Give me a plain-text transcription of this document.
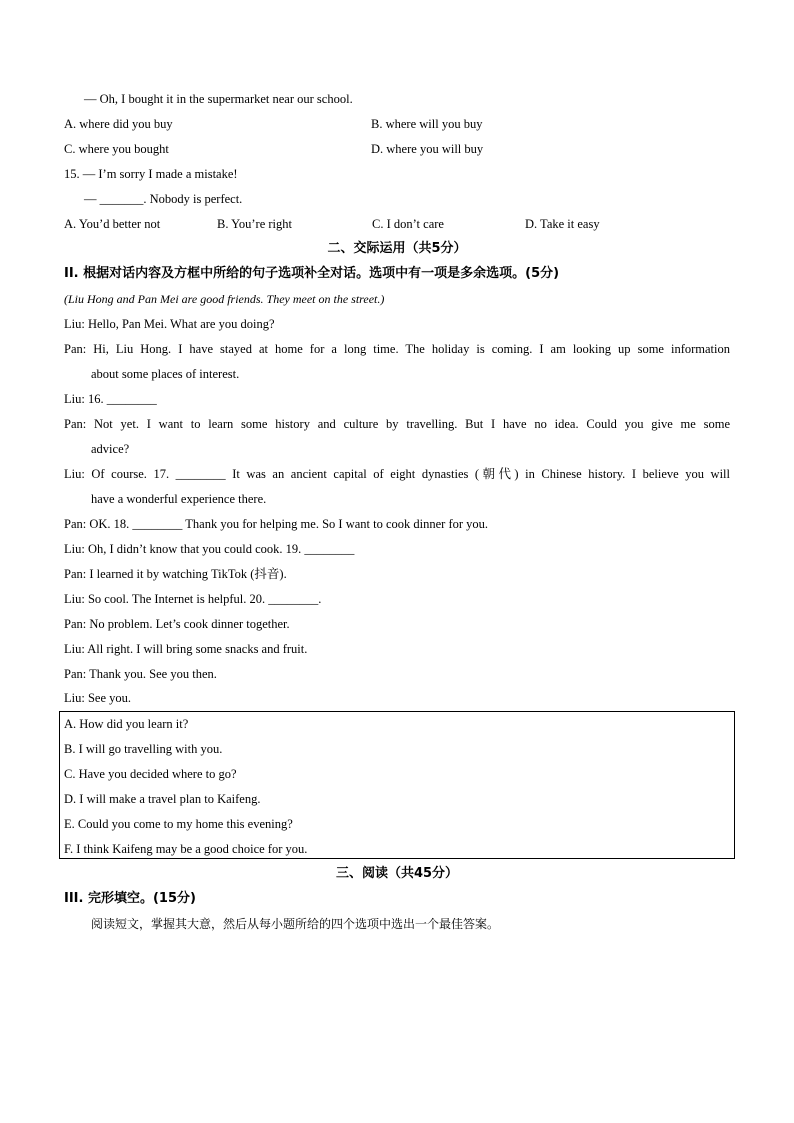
— Oh, I bought it in the supermarket near our school.
A. where did you buy	B. where will you buy
C. where you bought	D. where you will buy
15. — I’m sorry I made a mistake!
— _______. Nobody is perfect.
A. You’d better not	B. You’re right	C. I don’t care	D. Take it easy
二、交际运用（共5分）
II. 根据对话内容及方框中所给的句子选项补全对话。选项中有一项是多余选项。(5分)
(Liu Hong and Pan Mei are good friends. They meet on the street.)
Liu: Hello, Pan Mei. What are you doing?
Pan: Hi, Liu Hong. I have stayed at home for a long time. The holiday is coming. I am looking up some information
about some places of interest.
Liu: 16. ________
Pan: Not yet. I want to learn some history and culture by travelling. But I have no idea. Could you give me some
advice?
Liu: Of course. 17. ________ It was an ancient capital of eight dynasties (朝代) in Chinese history. I believe you will
have a wonderful experience there.
Pan: OK. 18. ________ Thank you for helping me. So I want to cook dinner for you.
Liu: Oh, I didn’t know that you could cook. 19. ________
Pan: I learned it by watching TikTok (抖音).
Liu: So cool. The Internet is helpful. 20. ________.
Pan: No problem. Let’s cook dinner together.
Liu: All right. I will bring some snacks and fruit.
Pan: Thank you. See you then.
Liu: See you.
A. How did you learn it?
B. I will go travelling with you.
C. Have you decided where to go?
D. I will make a travel plan to Kaifeng.
E. Could you come to my home this evening?
F. I think Kaifeng may be a good choice for you.
三、阅读（共45分）
III. 完形填空。(15分)
阅读短文，掌握其大意，然后从每小题所给的四个选项中选出一个最佳答案。
